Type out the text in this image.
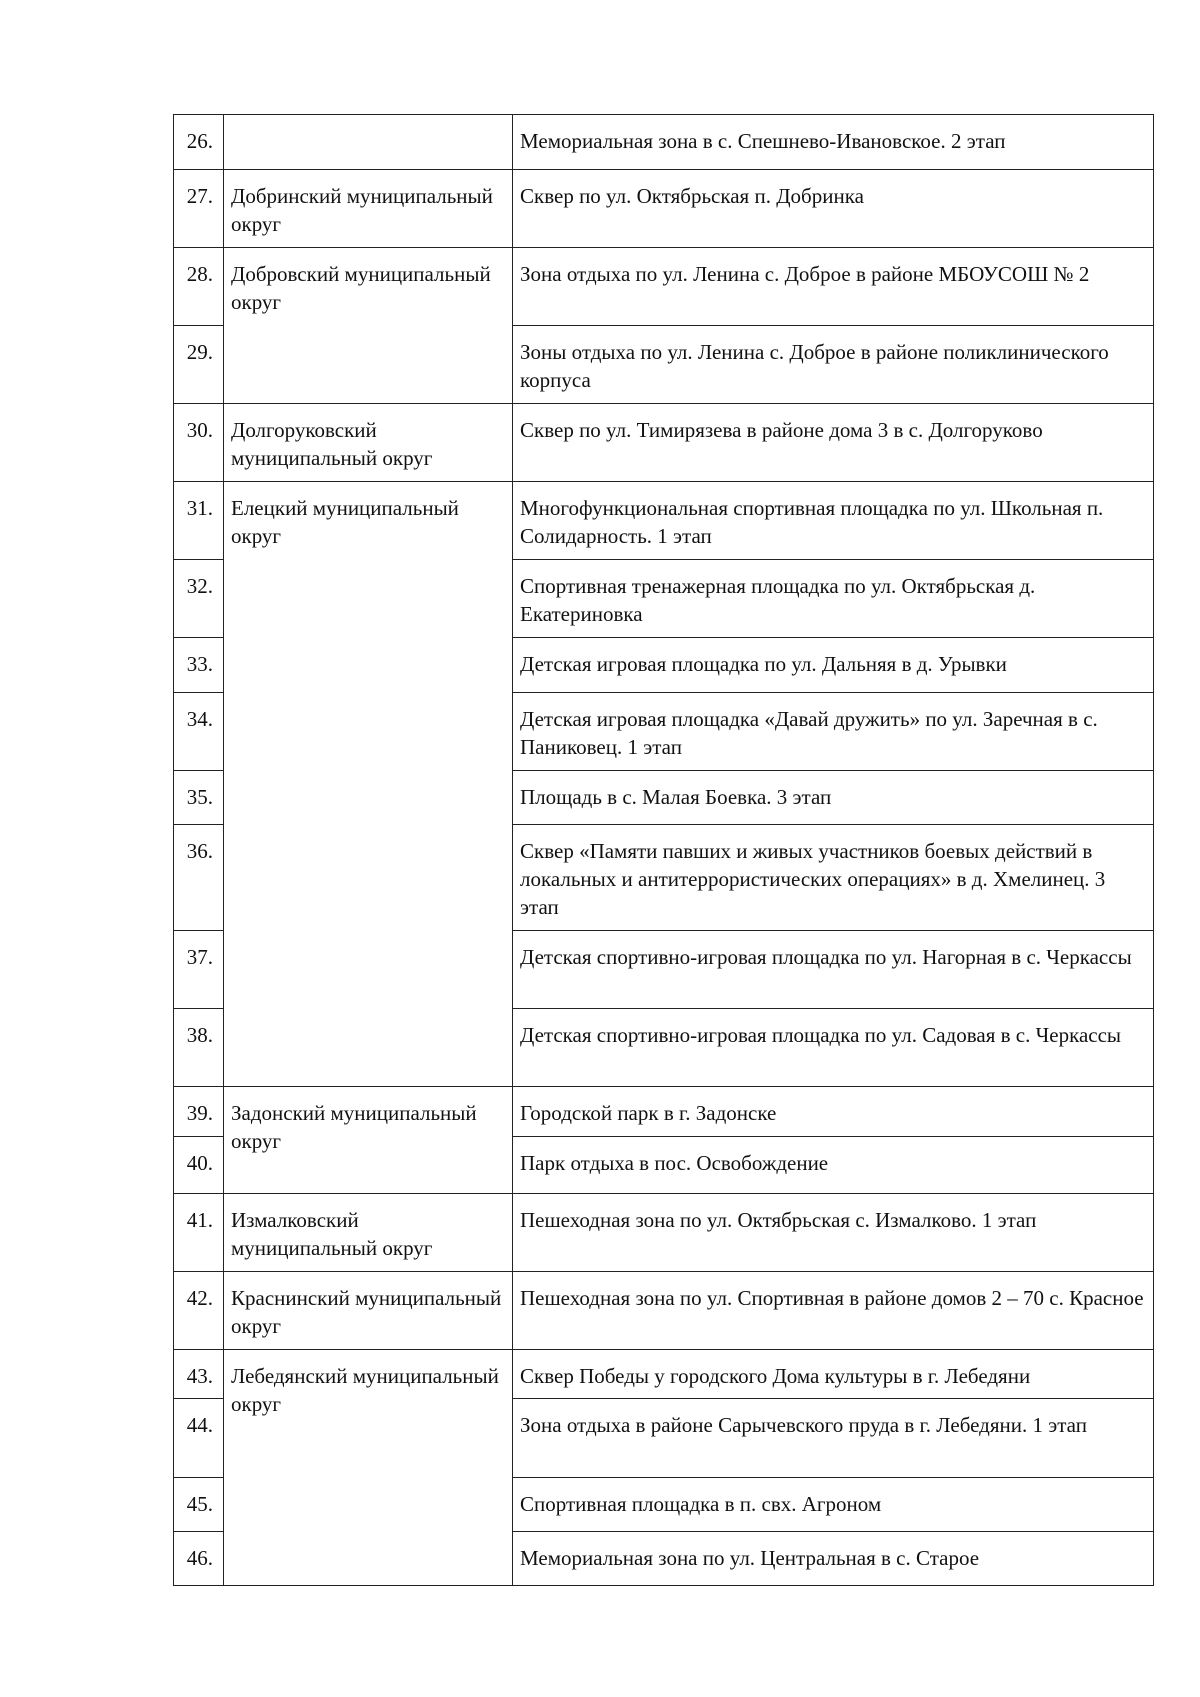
26.		Мемориальная зона в с. Спешнево-Ивановское. 2 этап
27.	Добринский муниципальный округ	Сквер по ул. Октябрьская п. Добринка
28.	Добровский муниципальный округ	Зона отдыха по ул. Ленина с. Доброе в районе МБОУСОШ № 2
29.		Зоны отдыха по ул. Ленина с. Доброе в районе поликлинического корпуса
30.	Долгоруковский муниципальный округ	Сквер по ул. Тимирязева в районе дома 3 в с. Долгоруково
31.	Елецкий муниципальный округ	Многофункциональная спортивная площадка по ул. Школьная п. Солидарность. 1 этап
32.		Спортивная тренажерная площадка по ул. Октябрьская д. Екатериновка
33.		Детская игровая площадка по ул. Дальняя в д. Урывки
34.		Детская игровая площадка «Давай дружить» по ул. Заречная в с. Паниковец. 1 этап
35.		Площадь в с. Малая Боевка. 3 этап
36.		Сквер «Памяти павших и живых участников боевых действий в локальных и антитеррористических операциях» в д. Хмелинец. 3 этап
37.		Детская спортивно-игровая площадка по ул. Нагорная в с. Черкассы
38.		Детская спортивно-игровая площадка по ул. Садовая в с. Черкассы
39.	Задонский муниципальный округ	Городской парк в г. Задонске
40.		Парк отдыха в пос. Освобождение
41.	Измалковский муниципальный округ	Пешеходная зона по ул. Октябрьская с. Измалково. 1 этап
42.	Краснинский муниципальный округ	Пешеходная зона по ул. Спортивная в районе домов 2 – 70 с. Красное
43.	Лебедянский муниципальный округ	Сквер Победы у городского Дома культуры в г. Лебедяни
44.		Зона отдыха в районе Сарычевского пруда в г. Лебедяни. 1 этап
45.		Спортивная площадка в п. свх. Агроном
46.		Мемориальная зона по ул. Центральная в с. Старое
